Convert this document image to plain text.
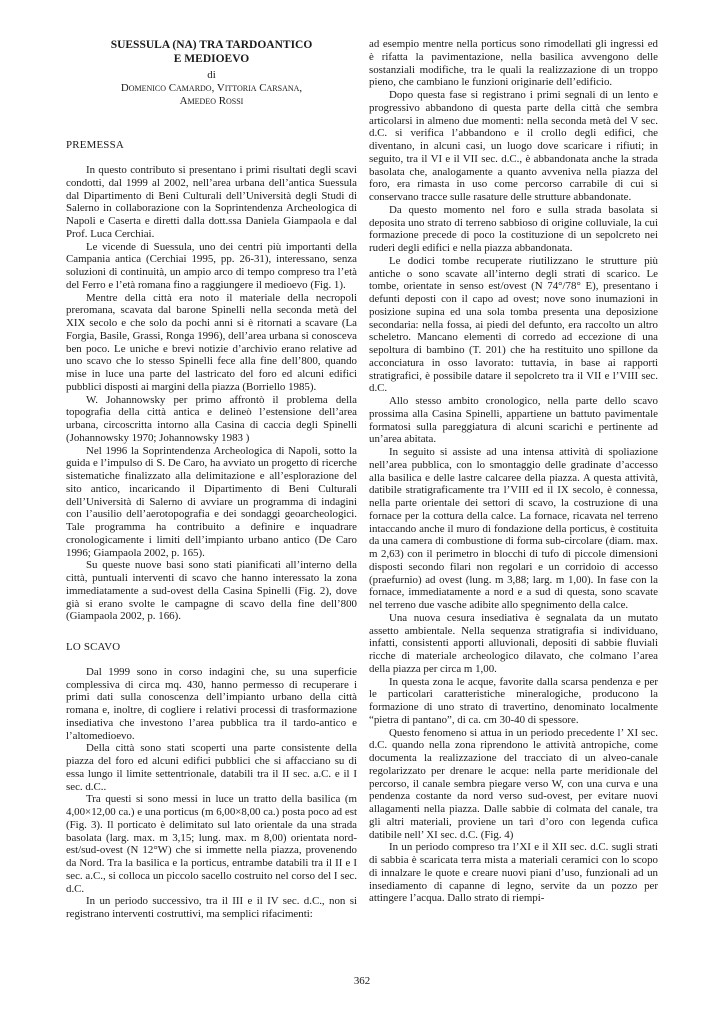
SUESSULA (NA) TRA TARDOANTICO
E MEDIOEVO
di
Domenico Camardo, Vittoria Carsana,
Amedeo Rossi
PREMESSA

In questo contributo si presentano i primi risultati degli scavi condotti, dal 1999 al 2002, nell’area urbana dell’antica Suessula dal Dipartimento di Beni Culturali dell’Università degli Studi di Salerno in collaborazione con la Soprintendenza Archeologica di Napoli e Caserta e diretti dalla dott.ssa Daniela Giampaola e dal Prof. Luca Cerchiai.

Le vicende di Suessula, uno dei centri più importanti della Campania antica (Cerchiai 1995, pp. 26-31), interessano, senza soluzioni di continuità, un ampio arco di tempo compreso tra l’età del Ferro e l’età romana fino a raggiungere il medioevo (Fig. 1).

Mentre della città era noto il materiale della necropoli preromana, scavata dal barone Spinelli nella seconda metà del XIX secolo e che solo da pochi anni si è ritornati a scavare (La Forgia, Basile, Grassi, Ronga 1996), dell’area urbana si conosceva ben poco. Le uniche e brevi notizie d’archivio erano relative ad uno scavo che lo stesso Spinelli fece alla fine dell’800, quando mise in luce una parte del lastricato del foro ed alcuni edifici pubblici disposti ai margini della piazza (Borriello 1985).

W. Johannowsky per primo affrontò il problema della topografia della città antica e delineò l’estensione dell’area urbana, circoscritta intorno alla Casina di caccia degli Spinelli (Johannowsky 1970; Johannowsky 1983 )

Nel 1996 la Soprintendenza Archeologica di Napoli, sotto la guida e l’impulso di S. De Caro, ha avviato un progetto di ricerche sistematiche finalizzato alla delimitazione e all’esplorazione del sito antico, incaricando il Dipartimento di Beni Culturali dell’Università di Salerno di avviare un programma di indagini con l’ausilio dell’aerotopografia e dei sondaggi geoarcheologici. Tale programma ha contribuito a definire e inquadrare cronologicamente i limiti dell’impianto urbano antico (De Caro 1996; Giampaola 2002, p. 165).

Su queste nuove basi sono stati pianificati all’interno della città, puntuali interventi di scavo che hanno interessato la zona immediatamente a sud-ovest della Casina Spinelli (Fig. 2), dove già si erano svolte le campagne di scavo della fine dell’800 (Giampaola 2002, p. 166).

LO SCAVO

Dal 1999 sono in corso indagini che, su una superficie complessiva di circa mq. 430, hanno permesso di recuperare i primi dati sulla conoscenza dell’impianto urbano della città romana e, inoltre, di cogliere i relativi processi di trasformazione insediativa che investono l’area pubblica tra il tardo-antico e l’altomedioevo.

Della città sono stati scoperti una parte consistente della piazza del foro ed alcuni edifici pubblici che si affacciano su di essa lungo il limite settentrionale, databili tra il II sec. a.C. e il I sec. d.C..

Tra questi si sono messi in luce un tratto della basilica (m 4,00×12,00 ca.) e una porticus (m 6,00×8,00 ca.) posta poco ad est (Fig. 3). Il porticato è delimitato sul lato orientale da una strada basolata (larg. max. m 3,15; lung. max. m 8,00) orientata nord-est/sud-ovest (N 12°W) che si immette nella piazza, provenendo da Nord. Tra la basilica e la porticus, entrambe databili tra il II e I sec. a.C., si colloca un piccolo sacello costruito nel corso del I sec. d.C.

In un periodo successivo, tra il III e il IV sec. d.C., non si registrano interventi costruttivi, ma semplici rifacimenti:

ad esempio mentre nella porticus sono rimodellati gli ingressi ed è rifatta la pavimentazione, nella basilica avvengono delle sostanziali modifiche, tra le quali la realizzazione di un troppo pieno, che cambiano le funzioni originarie dell’edificio.

Dopo questa fase si registrano i primi segnali di un lento e progressivo abbandono di questa parte della città che sembra articolarsi in almeno due momenti: nella seconda metà del V sec. d.C. si verifica l’abbandono e il crollo degli edifici, che diventano, in alcuni casi, un luogo dove scaricare i rifiuti; in seguito, tra il VI e il VII sec. d.C., è abbandonata anche la strada basolata che, analogamente a quanto avveniva nella piazza del foro, era rimasta in uso come percorso carrabile di cui si conservano tracce sulle rasature delle strutture abbandonate.

Da questo momento nel foro e sulla strada basolata si deposita uno strato di terreno sabbioso di origine colluviale, la cui formazione precede di poco la costituzione di un sepolcreto nei ruderi degli edifici e nella piazza abbandonata.

Le dodici tombe recuperate riutilizzano le strutture più antiche o sono scavate all’interno degli strati di scarico. Le tombe, orientate in senso est/ovest (N 74°/78° E), presentano i defunti deposti con il capo ad ovest; nove sono inumazioni in posizione supina ed una sola tomba presenta una deposizione secondaria: nella fossa, ai piedi del defunto, era raccolto un altro scheletro. Mancano elementi di corredo ad eccezione di una sepoltura di bambino (T. 201) che ha restituito uno spillone da acconciatura in osso lavorato: tuttavia, in base ai rapporti stratigrafici, è possibile datare il sepolcreto tra il VII e l’VIII sec. d.C.

Allo stesso ambito cronologico, nella parte dello scavo prossima alla Casina Spinelli, appartiene un battuto pavimentale formatosi sulla pareggiatura di alcuni scarichi e pertinente ad un’area abitata.

In seguito si assiste ad una intensa attività di spoliazione nell’area pubblica, con lo smontaggio delle gradinate d’accesso alla basilica e delle lastre calcaree della piazza. A questa attività, datibile stratigraficamente tra l’VIII ed il IX secolo, è connessa, nella parte orientale dei settori di scavo, la costruzione di una fornace per la cottura della calce. La fornace, ricavata nel terreno intaccando anche il muro di fondazione della porticus, è costituita da una camera di combustione di forma sub-circolare (diam. max. m 2,63) con il perimetro in blocchi di tufo di piccole dimensioni disposti secondo filari non regolari e un corridoio di accesso (praefurnio) ad ovest (lung. m 3,88; larg. m 1,00). In fase con la fornace, immediatamente a nord e a sud di questa, sono scavate nel terreno due vasche adibite allo spegnimento della calce.

Una nuova cesura insediativa è segnalata da un mutato assetto ambientale. Nella sequenza stratigrafia si individuano, infatti, consistenti apporti alluvionali, depositi di sabbie fluviali ricche di materiale archeologico dilavato, che colmano l’area della piazza per circa m 1,00.

In questa zona le acque, favorite dalla scarsa pendenza e per le particolari caratteristiche mineralogiche, producono la formazione di uno strato di travertino, denominato localmente “pietra di pantano”, di ca. cm 30-40 di spessore.

Questo fenomeno si attua in un periodo precedente l’ XI sec. d.C. quando nella zona riprendono le attività antropiche, come documenta la realizzazione del tracciato di un alveo-canale regolarizzato per drenare le acque: nella parte meridionale del percorso, il canale sembra piegare verso W, con una curva e una pendenza costante da nord verso sud-ovest, per evitare nuovi allagamenti nella piazza. Dalle sabbie di colmata del canale, tra gli altri materiali, proviene un tarì d’oro con legenda cufica datibile nell’ XI sec. d.C. (Fig. 4)

In un periodo compreso tra l’XI e il XII sec. d.C. sugli strati di sabbia è scaricata terra mista a materiali ceramici con lo scopo di innalzare le quote e creare nuovi piani d’uso, funzionali ad un insediamento di capanne di legno, servite da un pozzo per attingere l’acqua. Dallo strato di riempi-

362
